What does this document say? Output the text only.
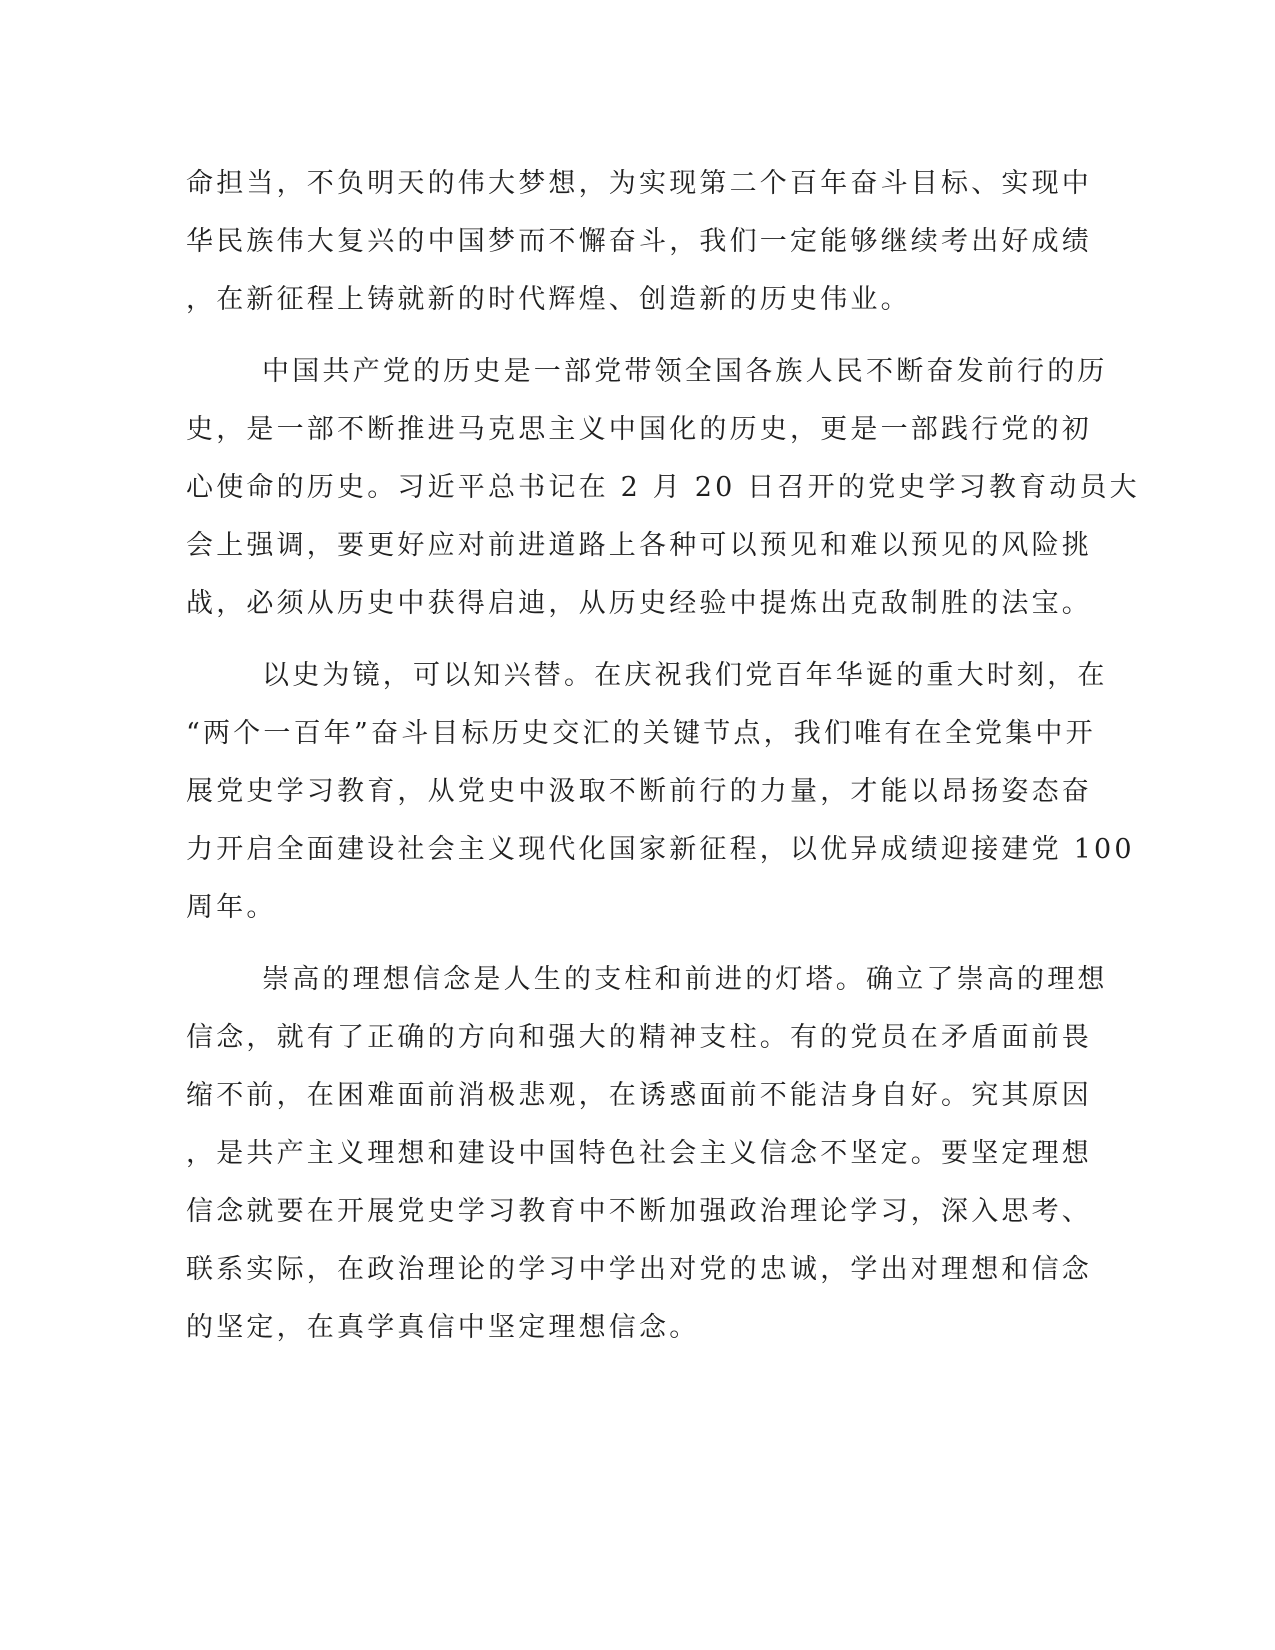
命担当，不负明天的伟大梦想，为实现第二个百年奋斗目标、实现中
华民族伟大复兴的中国梦而不懈奋斗，我们一定能够继续考出好成绩
，在新征程上铸就新的时代辉煌、创造新的历史伟业。

中国共产党的历史是一部党带领全国各族人民不断奋发前行的历
史，是一部不断推进马克思主义中国化的历史，更是一部践行党的初
心使命的历史。习近平总书记在 2 月 20 日召开的党史学习教育动员大
会上强调，要更好应对前进道路上各种可以预见和难以预见的风险挑
战，必须从历史中获得启迪，从历史经验中提炼出克敌制胜的法宝。

以史为镜，可以知兴替。在庆祝我们党百年华诞的重大时刻，在
“两个一百年”奋斗目标历史交汇的关键节点，我们唯有在全党集中开
展党史学习教育，从党史中汲取不断前行的力量，才能以昂扬姿态奋
力开启全面建设社会主义现代化国家新征程，以优异成绩迎接建党 100
周年。

崇高的理想信念是人生的支柱和前进的灯塔。确立了崇高的理想
信念，就有了正确的方向和强大的精神支柱。有的党员在矛盾面前畏
缩不前，在困难面前消极悲观，在诱惑面前不能洁身自好。究其原因
，是共产主义理想和建设中国特色社会主义信念不坚定。要坚定理想
信念就要在开展党史学习教育中不断加强政治理论学习，深入思考、
联系实际，在政治理论的学习中学出对党的忠诚，学出对理想和信念
的坚定，在真学真信中坚定理想信念。
